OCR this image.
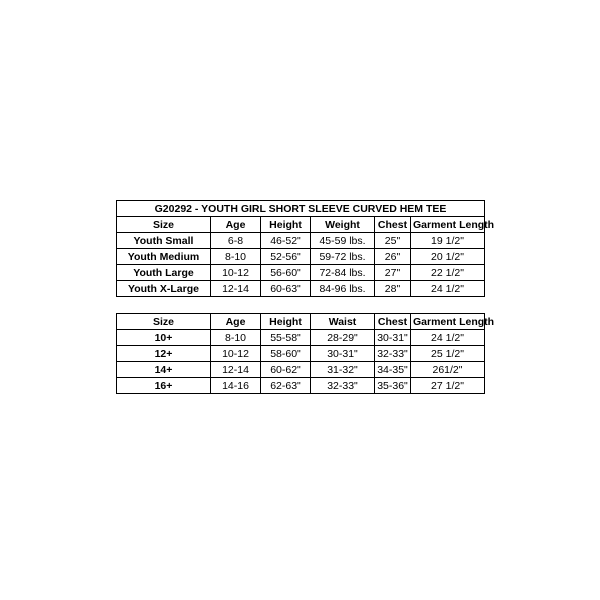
G20292 - YOUTH GIRL SHORT SLEEVE CURVED HEM TEE					
Size	Age	Height	Weight	Chest	Garment Length
Youth Small	6-8	46-52"	45-59 lbs.	25"	19 1/2"
Youth Medium	8-10	52-56"	59-72 lbs.	26"	20 1/2"
Youth Large	10-12	56-60"	72-84 lbs.	27"	22 1/2"
Youth X-Large	12-14	60-63"	84-96 lbs.	28"	24 1/2"
Size	Age	Height	Waist	Chest	Garment Length
10+	8-10	55-58"	28-29"	30-31"	24 1/2"
12+	10-12	58-60"	30-31"	32-33"	25 1/2"
14+	12-14	60-62"	31-32"	34-35"	261/2"
16+	14-16	62-63"	32-33"	35-36"	27 1/2"
